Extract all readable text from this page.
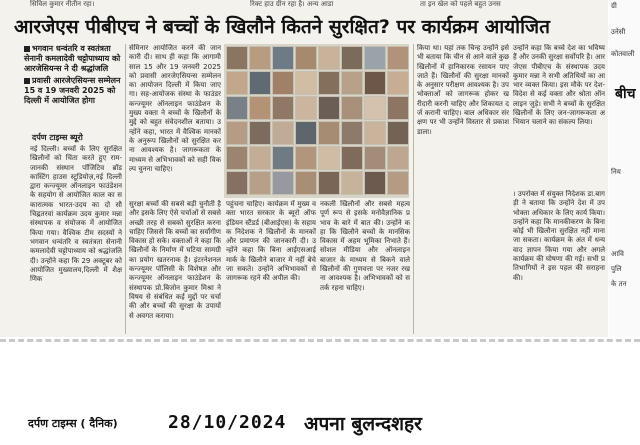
सिविल कुमार नीतीन रहा।	रिक्ट हाउ ग्रीन रहा है। अन्य आडा	ता इन खेल को पहले बहुत उनस
आरजेएस पीबीएच ने बच्चों के खिलौने कितने सुरक्षित? पर कार्यक्रम आयोजित
भगवान धन्वंतरि व स्वतंत्रता सेनानी कमलादेवी चट्टोपाध्याय को आरजेसियन्स ने दी श्रद्धांजलि
प्रवासी आरजेएसियन्स सम्मेलन 15 व 19 जनवरी 2025 को दिल्ली में आयोजित होगा
दर्पण टाइम्स ब्यूरो
नई दिल्ली। बच्चों के लिए सुरक्षित खिलौनों को चिंता करते हुए राम-जानकी संस्थान पॉजिटिव ब्रॉडकास्टिंग हाउस स्टूडियोज़,नई दिल्ली द्वारा कन्ज्यूमर ऑनलाइन फाउंडेशन के सहयोग से आयोजित काल का सकारात्मक भारत-उदय का दो सौ चिह्नतरवां कार्यक्रम उदय कुमार मन्ना संस्थापक व संयोजक में आयोजित किया गया। वैश्विक टीम सदस्यों ने भगवान धन्वंतरि व स्वतंत्रता सेनानी कमलादेवी चट्टोपाध्याय को श्रद्धांजलि दी। उन्होंने कहा कि 29 अक्टूबर को आयोजित मुख्यालय,दिल्ली में शैक्षणिक
सेमिनार आयोजित करने की जानकारी दी। साथ ही कहा कि आगामी साल 15 और 19 जनवरी 2025 को प्रवासी आरजेएसियन्स सम्मेलन का आयोजन दिल्ली में किया जाएगा। सह-आयोजक संस्था के फाउंडर कन्ज्यूमर ऑनलाइन फाउंडेशन के मुख्य वक्ता ने बच्चों के खिलौनों के मुद्दे को बहुत संवेदनशील बताया। उन्होंने कहा, भारत में वैश्विक मानकों के अनुरूप खिलौनों को सुरक्षित करना आवश्यक है। जागरूकता के माध्यम से अभिभावकों को सही विकल्प चुनना चाहिए।
सुरक्षा बच्चों की सबसे बड़ी चुनौती है और इसके लिए ऐसे चर्चाओं से सबसे अच्छी तरह से सबको सुरक्षित करना चाहिए जिससे कि बच्चों का सर्वांगीण विकास हो सके। वक्ताओं ने कहा कि खिलौनों के निर्माण में घटिया सामग्री का प्रयोग खतरनाक है। इंटरनेशनल कन्ज्यूमर पॉलिसी के विशेषज्ञ और कन्ज्यूमर ऑनलाइन फाउंडेशन के संस्थापक प्रो.बिजोन कुमार मिश्रा ने विषय से संबंधित कई मुद्दों पर चर्चा की और बच्चों की सुरक्षा के उपायों से अवगत कराया।
पहुंचना चाहिए। कार्यक्रम में मुख्य वक्ता भारत सरकार के ब्यूरो ऑफ इंडियन स्टैंडर्ड (बीआईएस) के सहायक निदेशक ने खिलौनों के मानकों और प्रमाणन की जानकारी दी। उन्होंने कहा कि बिना आईएसआई मार्क के खिलौने बाजार में नहीं बेचे जा सकते। उन्होंने अभिभावकों से जागरूक रहने की अपील की।
नकली खिलौनों और सबसे महत्वपूर्ण रूप से इसके मनोवैज्ञानिक प्रभाव के बारे में बात की। उन्होंने कहा कि खिलौने बच्चों के मानसिक विकास में अहम भूमिका निभाते हैं। सोशल मीडिया और ऑनलाइन बाजार के माध्यम से बिकने वाले खिलौनों की गुणवत्ता पर नजर रखना आवश्यक है। अभिभावकों को सतर्क रहना चाहिए।
किया था। यहां तक चिन्ह उन्होंने इसे भी बताया कि चीन से आने वाले कुछ खिलौनों में हानिकारक रसायन पाए जाते हैं। खिलौनों की सुरक्षा मानकों के अनुसार परीक्षण आवश्यक है। उपभोक्ताओं को जागरूक होकर खरीदारी करनी चाहिए और शिकायत दर्ज करानी चाहिए। बाल अधिकार संरक्षण पर भी उन्होंने विस्तार से प्रकाश डाला।
उन्होंने कहा कि बच्चे देश का भविष्य हैं और उनकी सुरक्षा सर्वोपरि है। आरजेएस पीबीएच के संस्थापक उदय कुमार मन्ना ने सभी अतिथियों का आभार व्यक्त किया। इस मौके पर देश-विदेश से कई वक्ता और श्रोता ऑनलाइन जुड़े। सभी ने बच्चों के सुरक्षित खिलौनों के लिए जन-जागरूकता अभियान चलाने का संकल्प लिया।
। उपरोक्त में संयुक्त निदेशक डा.बागड़ी ने बताया कि उन्होंने देश में उपभोक्ता अधिकार के लिए कार्य किया। उन्होंने कहा कि मानकीकरण के बिना कोई भी खिलौना सुरक्षित नहीं माना जा सकता। कार्यक्रम के अंत में धन्यवाद ज्ञापन किया गया और अगले कार्यक्रम की घोषणा की गई। सभी प्रतिभागियों ने इस पहल की सराहना की।
ग्री
उनेसी
कोतवाली
बीच
निय
आवि
पुलि
के तन
दर्पण टाइम्स ( दैनिक)	28/10/2024 अपना बुलन्दशहर
